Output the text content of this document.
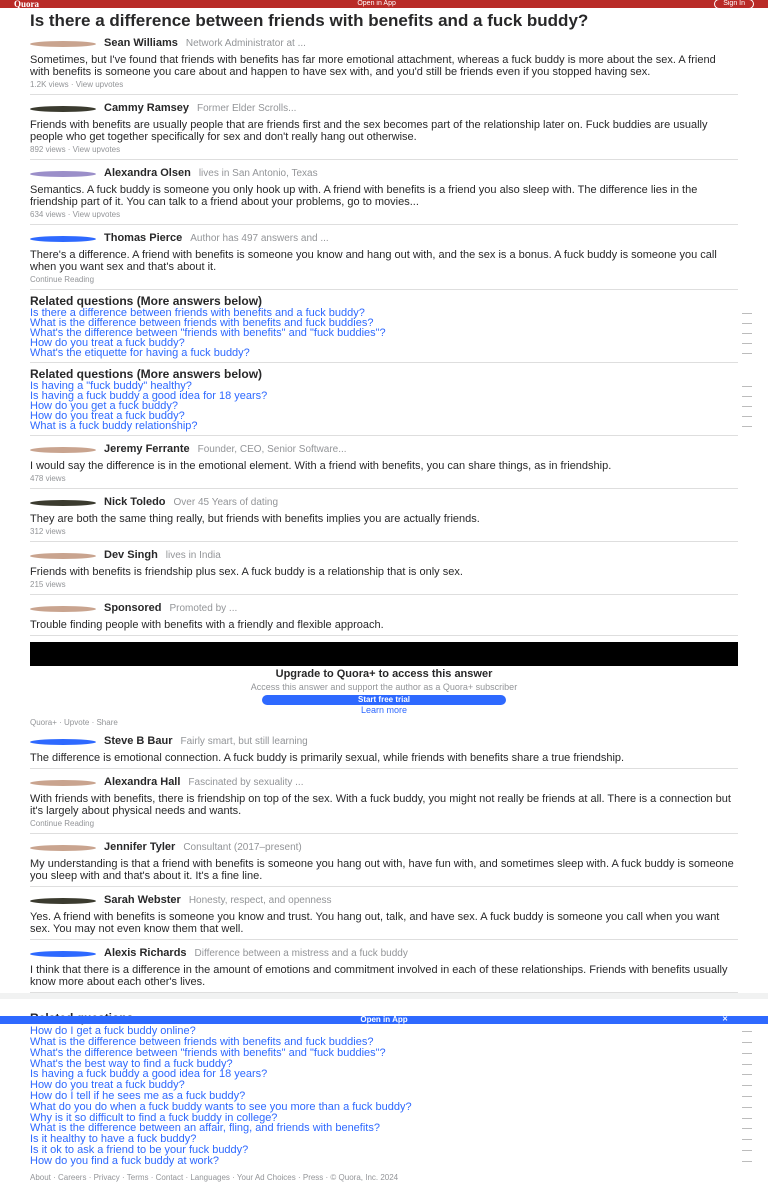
Quora	Open in App	Sign In
Is there a difference between friends with benefits and a fuck buddy?
Sean Williams Network Administrator at ...
Sometimes, but I've found that friends with benefits has far more emotional attachment, whereas a fuck buddy is more about the sex. A friend with benefits is someone you care about and happen to have sex with, and you'd still be friends even if you stopped having sex.
1.2K views · View upvotes
Cammy Ramsey Former Elder Scrolls...
Friends with benefits are usually people that are friends first and the sex becomes part of the relationship later on. Fuck buddies are usually people who get together specifically for sex and don't really hang out otherwise.
892 views · View upvotes
Alexandra Olsen lives in San Antonio, Texas
Semantics. A fuck buddy is someone you only hook up with. A friend with benefits is a friend you also sleep with. The difference lies in the friendship part of it. You can talk to a friend about your problems, go to movies...
634 views · View upvotes
Thomas Pierce Author has 497 answers and ...
There's a difference. A friend with benefits is someone you know and hang out with, and the sex is a bonus. A fuck buddy is someone you call when you want sex and that's about it.
Continue Reading
Related questions (More answers below)
Is there a difference between friends with benefits and a fuck buddy?
What is the difference between friends with benefits and fuck buddies?
What's the difference between "friends with benefits" and "fuck buddies"?
How do you treat a fuck buddy?
What's the etiquette for having a fuck buddy?
Related questions (More answers below)
Is having a "fuck buddy" healthy?
Is having a fuck buddy a good idea for 18 years?
How do you get a fuck buddy?
How do you treat a fuck buddy?
What is a fuck buddy relationship?
Jeremy Ferrante Founder, CEO, Senior Software...
I would say the difference is in the emotional element. With a friend with benefits, you can share things, as in friendship.
478 views
Nick Toledo Over 45 Years of dating
They are both the same thing really, but friends with benefits implies you are actually friends.
312 views
Dev Singh lives in India
Friends with benefits is friendship plus sex. A fuck buddy is a relationship that is only sex.
215 views
Sponsored Promoted by ...
Trouble finding people with benefits with a friendly and flexible approach.
Upgrade to Quora+ to access this answer
Access this answer and support the author as a Quora+ subscriber
Start free trial
Learn more
Quora+ · Upvote · Share
Steve B Baur Fairly smart, but still learning
The difference is emotional connection. A fuck buddy is primarily sexual, while friends with benefits share a true friendship.
Alexandra Hall Fascinated by sexuality ...
With friends with benefits, there is friendship on top of the sex. With a fuck buddy, you might not really be friends at all. There is a connection but it's largely about physical needs and wants.
Continue Reading
Jennifer Tyler Consultant (2017–present)
My understanding is that a friend with benefits is someone you hang out with, have fun with, and sometimes sleep with. A fuck buddy is someone you sleep with and that's about it. It's a fine line.
Sarah Webster Honesty, respect, and openness
Yes. A friend with benefits is someone you know and trust. You hang out, talk, and have sex. A fuck buddy is someone you call when you want sex. You may not even know them that well.
Alexis Richards Difference between a mistress and a fuck buddy
I think that there is a difference in the amount of emotions and commitment involved in each of these relationships. Friends with benefits usually know more about each other's lives.
How do I get a fuck buddy online?
What is the difference between friends with benefits and fuck buddies?
What's the difference between "friends with benefits" and "fuck buddies"?
What's the best way to find a fuck buddy?
Is having a fuck buddy a good idea for 18 years?
How do you treat a fuck buddy?
How do I tell if he sees me as a fuck buddy?
What do you do when a fuck buddy wants to see you more than a fuck buddy?
Why is it so difficult to find a fuck buddy in college?
What is the difference between an affair, fling, and friends with benefits?
Is it healthy to have a fuck buddy?
Is it ok to ask a friend to be your fuck buddy?
How do you find a fuck buddy at work?
About · Careers · Privacy · Terms · Contact · Languages · Your Ad Choices · Press · © Quora, Inc. 2024
Open in App	✕
